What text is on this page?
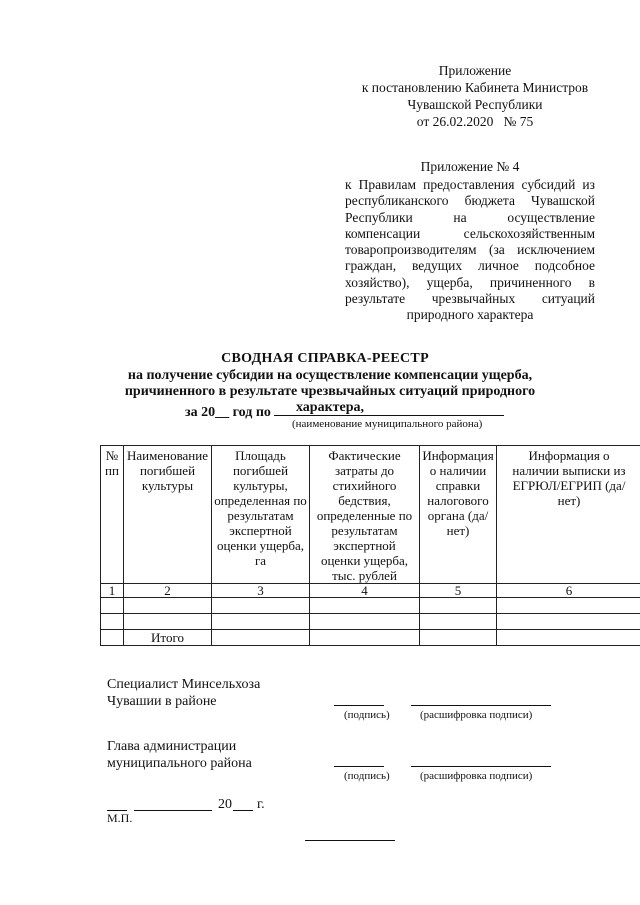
Приложение
к постановлению Кабинета Министров
Чувашской Республики
от 26.02.2020   № 75
Приложение № 4
к Правилам предоставления субсидий из республиканского бюджета Чувашской Республики на осуществление компенсации сельскохозяйственным товаропроизводителям (за исключением граждан, ведущих личное подсобное хозяйство), ущерба, причиненного в результате чрезвычайных ситуаций природного характера
СВОДНАЯ СПРАВКА-РЕЕСТР
на получение субсидии на осуществление компенсации ущерба,
причиненного в результате чрезвычайных ситуаций природного характера,
за 20__ год по
(наименование муниципального района)
№ пп	Наименование погибшей культуры	Площадь погибшей культуры, определенная по результатам экспертной оценки ущерба, га	Фактические затраты до стихийного бедствия, определенные по результатам экспертной оценки ущерба, тыс. рублей	Информация о наличии справки налогового органа (да/нет)	Информация о наличии выписки из ЕГРЮЛ/ЕГРИП (да/нет)
1	2	3	4	5	6

	Итого				
Специалист Минсельхоза
Чувашии в районе
(подпись)	(расшифровка подписи)
Глава администрации
муниципального района
(подпись)	(расшифровка подписи)
20 г.
М.П.
